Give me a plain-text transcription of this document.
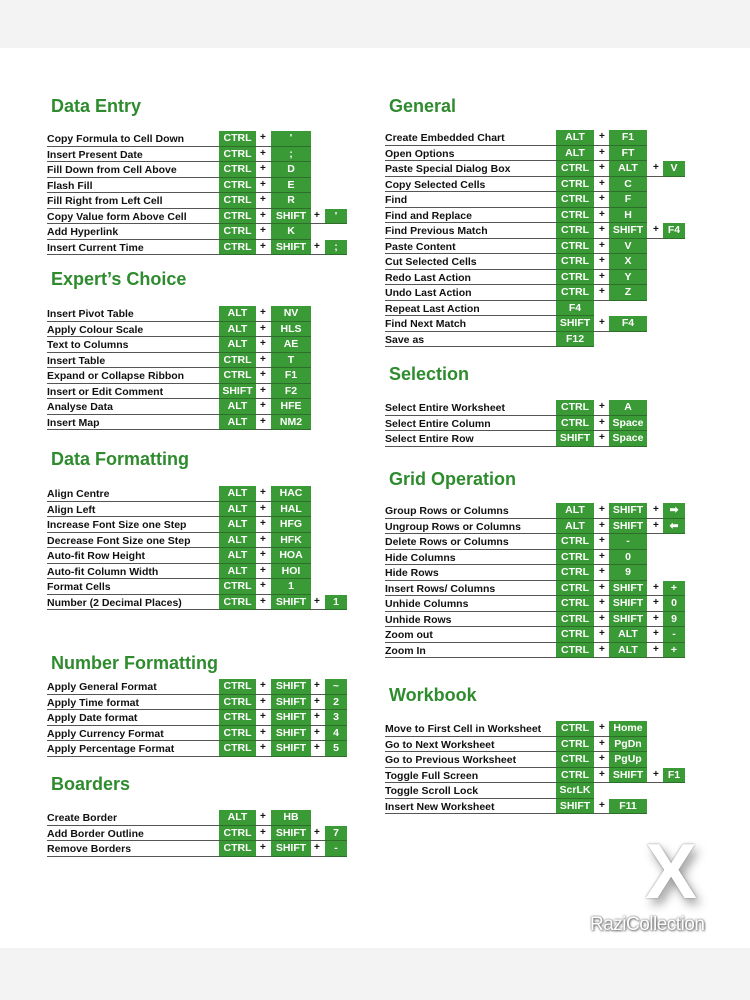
Data Entry
Copy Formula to Cell Down	CTRL +	'
Insert Present Date	CTRL +	;
Fill Down from Cell Above	CTRL +	D
Flash Fill	CTRL +	E
Fill Right from Left Cell	CTRL +	R
Copy Value form Above Cell	CTRL + SHIFT +	'
Add Hyperlink	CTRL +	K
Insert Current Time	CTRL + SHIFT +	;
Expert’s Choice
Insert Pivot Table	ALT	+	NV
Apply Colour Scale	ALT	+	HLS
Text to Columns	ALT	+	AE
Insert Table	CTRL +	T
Expand or Collapse Ribbon	CTRL +	F1
Insert or Edit Comment	SHIFT +	F2
Analyse Data	ALT	+	HFE
Insert Map	ALT	+	NM2
Data Formatting
Align Centre	ALT	+	HAC
Align Left	ALT	+	HAL
Increase Font Size one Step	ALT	+	HFG
Decrease Font Size one Step	ALT	+	HFK
Auto-fit Row Height	ALT	+	HOA
Auto-fit Column Width	ALT	+	HOI
Format Cells	CTRL +	1
Number (2 Decimal Places)	CTRL + SHIFT +	1
Number Formatting
Apply General Format	CTRL + SHIFT +	~
Apply Time format	CTRL + SHIFT +	2
Apply Date format	CTRL + SHIFT +	3
Apply Currency Format	CTRL + SHIFT +	4
Apply Percentage Format	CTRL + SHIFT +	5
Boarders
Create Border	ALT	+	HB
Add Border Outline	CTRL + SHIFT +	7
Remove Borders	CTRL + SHIFT +	-
General
Create Embedded Chart	ALT	+	F1
Open Options	ALT	+	FT
Paste Special Dialog Box	CTRL	+	ALT	+	V
Copy Selected Cells	CTRL	+	C
Find	CTRL	+	F
Find and Replace	CTRL	+	H
Find Previous Match	CTRL	+ SHIFT + F4
Paste Content	CTRL	+	V
Cut Selected Cells	CTRL	+	X
Redo Last Action	CTRL	+	Y
Undo Last Action	CTRL	+	Z
Repeat Last Action	F4
Find Next Match	SHIFT +	F4
Save as	F12
Selection
Select Entire Worksheet	CTRL	+	A
Select Entire Column	CTRL	+ Space
Select Entire Row	SHIFT + Space
Grid Operation
Group Rows or Columns	ALT	+ SHIFT +	➡
Ungroup Rows or Columns	ALT	+ SHIFT +	⬅
Delete Rows or Columns	CTRL	+	-
Hide Columns	CTRL	+	0
Hide Rows	CTRL	+	9
Insert Rows/ Columns	CTRL	+ SHIFT +	+
Unhide Columns	CTRL	+ SHIFT +	0
Unhide Rows	CTRL	+ SHIFT +	9
Zoom out	CTRL	+	ALT	+	-
Zoom In	CTRL	+	ALT	+	+
Workbook
Move to First Cell in Worksheet	CTRL	+ Home
Go to Next Worksheet	CTRL	+ PgDn
Go to Previous Worksheet	CTRL	+ PgUp
Toggle Full Screen	CTRL	+ SHIFT + F1
Toggle Scroll Lock	ScrLK
Insert New Worksheet	SHIFT +	F11
X
RaziCollection
